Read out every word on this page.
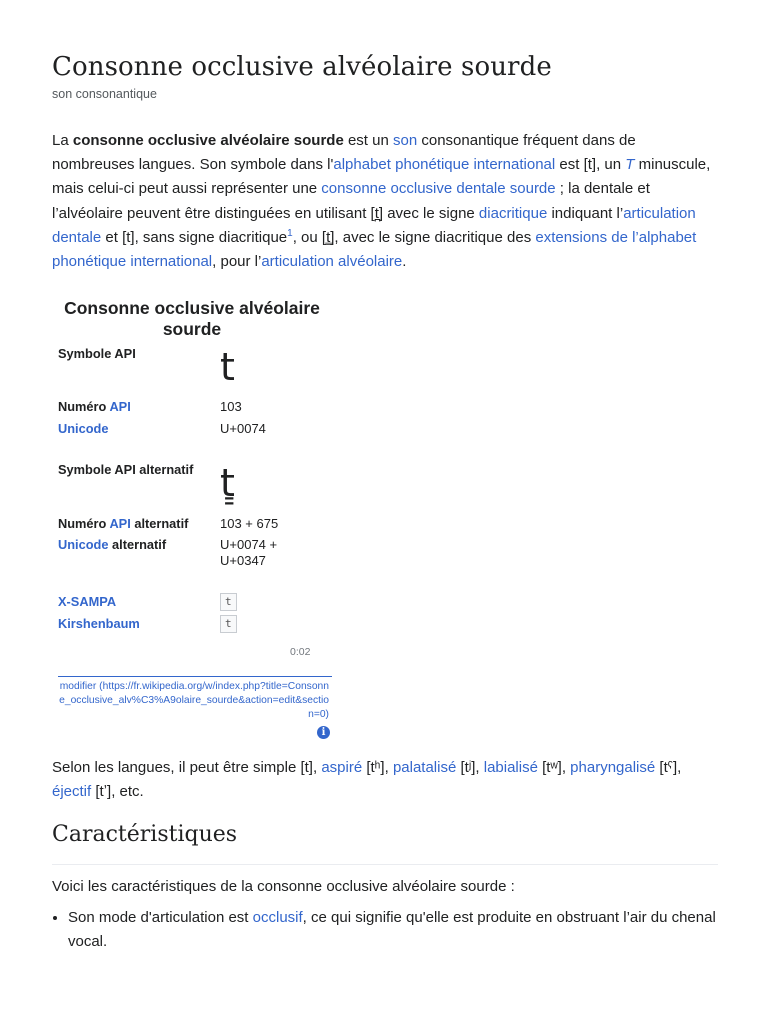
Consonne occlusive alvéolaire sourde
son consonantique

La consonne occlusive alvéolaire sourde est un son consonantique fréquent dans de nombreuses langues. Son symbole dans l'alphabet phonétique international est [t], un T minuscule, mais celui-ci peut aussi représenter une consonne occlusive dentale sourde ; la dentale et l’alvéolaire peuvent être distinguées en utilisant [t̪] avec le signe diacritique indiquant l’articulation dentale et [t], sans signe diacritique$^1$, ou [t͇], avec le signe diacritique des extensions de l’alphabet phonétique international, pour l’articulation alvéolaire.

Consonne occlusive alvéolaire sourde
Symbole API t
Numéro API	103
Unicode	U+0074
Symbole API alternatif t͇
Numéro API alternatif 103 + 675
Unicode alternatif	U+0074 +
U+0347
X-SAMPA	t
Kirshenbaum	t
0:02
modifier (https://fr.wikipedia.org/w/index.php?title=Consonne_occlusive_alv%C3%A9olaire_sourde&action=edit&section=0)
i

Selon les langues, il peut être simple [t], aspiré [tʰ], palatalisé [tʲ], labialisé [tʷ], pharyngalisé [tˤ], éjectif [tʼ], etc.

Caractéristiques

Voici les caractéristiques de la consonne occlusive alvéolaire sourde :

• Son mode d'articulation est occlusif, ce qui signifie qu'elle est produite en obstruant l’air du chenal vocal.
